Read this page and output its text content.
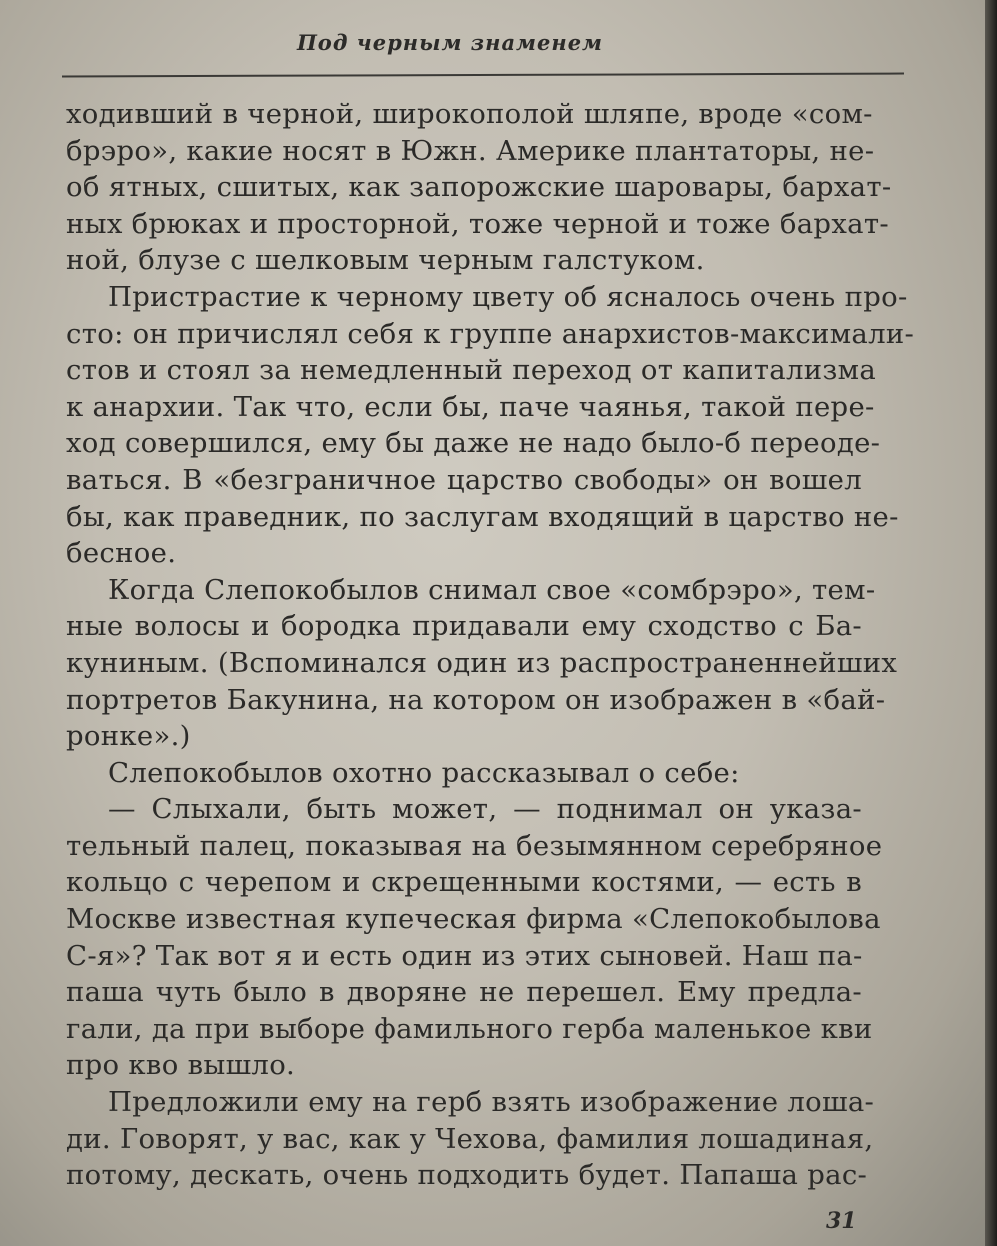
Под черным знаменем
ходивший в черной, широкополой шляпе, вроде «сом-
брэро», какие носят в Южн. Америке плантаторы, не-
об ятных, сшитых, как запорожские шаровары, бархат-
ных брюках и просторной, тоже черной и тоже бархат-
ной, блузе с шелковым черным галстуком.
Пристрастие к черному цвету об ясналось очень про-
сто: он причислял себя к группе анархистов-максимали-
стов и стоял за немедленный переход от капитализма
к анархии. Так что, если бы, паче чаянья, такой пере-
ход совершился, ему бы даже не надо было-б переоде-
ваться. В «безграничное царство свободы» он вошел
бы, как праведник, по заслугам входящий в царство не-
бесное.
Когда Слепокобылов снимал свое «сомбрэро», тем-
ные волосы и бородка придавали ему сходство с Ба-
куниным. (Вспоминался один из распространеннейших
портретов Бакунина, на котором он изображен в «бай-
ронке».)
Слепокобылов охотно рассказывал о себе:
— Слыхали, быть может, — поднимал он указа-
тельный палец, показывая на безымянном серебряное
кольцо с черепом и скрещенными костями, — есть в
Москве известная купеческая фирма «Слепокобылова
С-я»? Так вот я и есть один из этих сыновей. Наш па-
паша чуть было в дворяне не перешел. Ему предла-
гали, да при выборе фамильного герба маленькое кви
про кво вышло.
Предложили ему на герб взять изображение лоша-
ди. Говорят, у вас, как у Чехова, фамилия лошадиная,
потому, дескать, очень подходить будет. Папаша рас-
31
